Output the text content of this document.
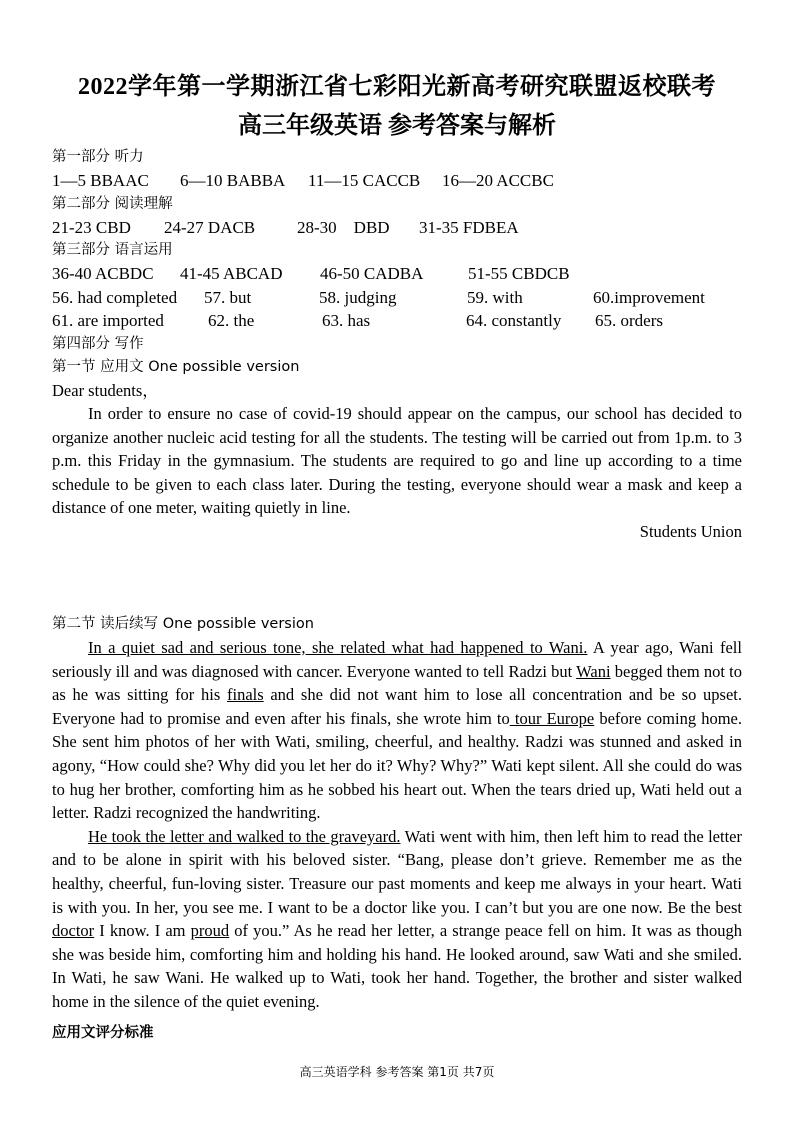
2022学年第一学期浙江省七彩阳光新高考研究联盟返校联考
高三年级英语 参考答案与解析
第一部分 听力
1—5 BBAAC 6—10 BABBA 11—15 CACCB 16—20 ACCBC
第二部分 阅读理解
21-23 CBD 24-27 DACB 28-30    DBD 31-35 FDBEA
第三部分 语言运用
36-40 ACBDC 41-45 ABCAD 46-50 CADBA	51-55 CBDCB
56. had completed 57. but	58. judging	59. with	60.improvement
61. are imported	62. the	63. has	64. constantly 65. orders
第四部分 写作
第一节 应用文 One possible version
Dear students，

In order to ensure no case of covid-19 should appear on the campus, our school has decided to organize another nucleic acid testing for all the students. The testing will be carried out from 1p.m. to 3 p.m. this Friday in the gymnasium. The students are required to go and line up according to a time schedule to be given to each class later. During the testing, everyone should wear a mask and keep a distance of one meter, waiting quietly in line.

Students Union
第二节 读后续写 One possible version

In a quiet sad and serious tone, she related what had happened to Wani. A year ago, Wani fell seriously ill and was diagnosed with cancer. Everyone wanted to tell Radzi but Wani begged them not to as he was sitting for his finals and she did not want him to lose all concentration and be so upset. Everyone had to promise and even after his finals, she wrote him to tour Europe before coming home. She sent him photos of her with Wati, smiling, cheerful, and healthy. Radzi was stunned and asked in agony, “How could she? Why did you let her do it? Why? Why?” Wati kept silent. All she could do was to hug her brother, comforting him as he sobbed his heart out. When the tears dried up, Wati held out a letter. Radzi recognized the handwriting.

He took the letter and walked to the graveyard. Wati went with him, then left him to read the letter and to be alone in spirit with his beloved sister. “Bang, please don’t grieve. Remember me as the healthy, cheerful, fun-loving sister. Treasure our past moments and keep me always in your heart. Wati is with you. In her, you see me. I want to be a doctor like you. I can’t but you are one now. Be the best doctor I know. I am proud of you.” As he read her letter, a strange peace fell on him. It was as though she was beside him, comforting him and holding his hand. He looked around, saw Wati and she smiled. In Wati, he saw Wani. He walked up to Wati, took her hand. Together, the brother and sister walked home in the silence of the quiet evening.

应用文评分标准
高三英语学科 参考答案 第1页 共7页
